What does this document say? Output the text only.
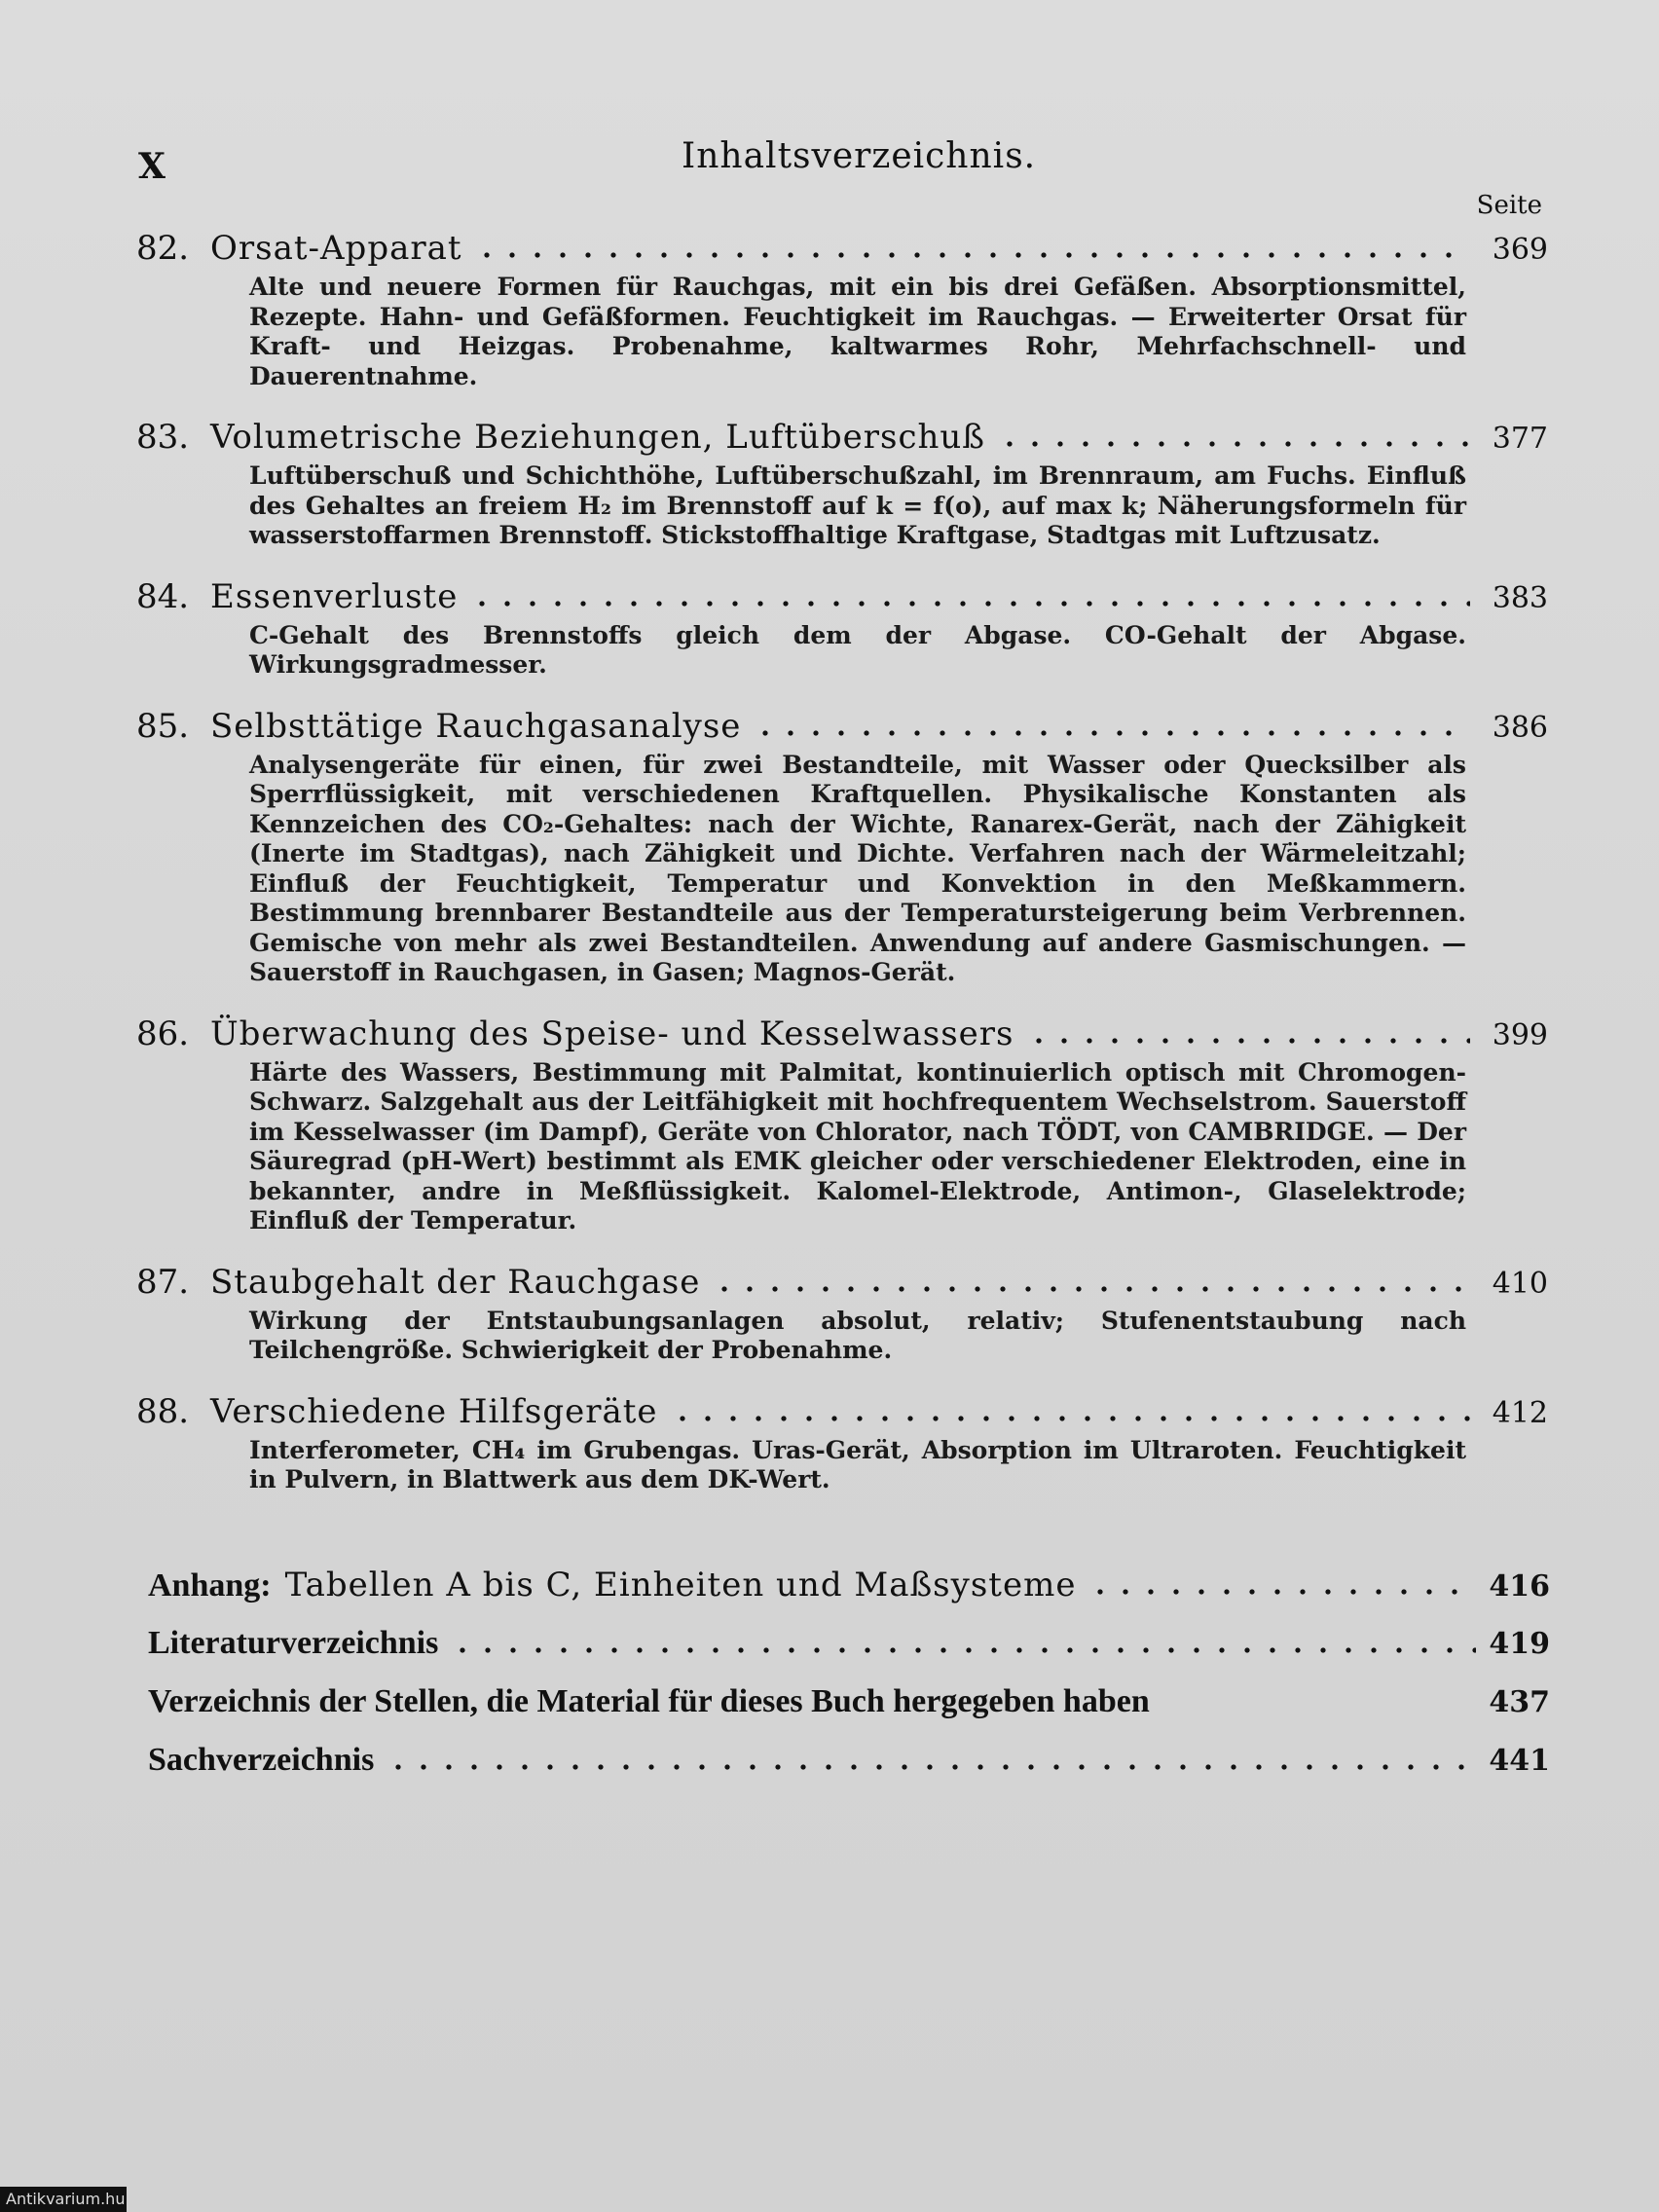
X	Inhaltsverzeichnis.
Seite
82. Orsat-Apparat	369
Alte und neuere Formen für Rauchgas, mit ein bis drei Gefäßen. Absorptionsmittel, Rezepte. Hahn- und Gefäßformen. Feuchtigkeit im Rauchgas. — Erweiterter Orsat für Kraft- und Heizgas. Probenahme, kaltwarmes Rohr, Mehrfachschnell- und Dauerentnahme.
83. Volumetrische Beziehungen, Luftüberschuß	377
Luftüberschuß und Schichthöhe, Luftüberschußzahl, im Brennraum, am Fuchs. Einfluß des Gehaltes an freiem H₂ im Brennstoff auf k = f(o), auf max k; Näherungsformeln für wasserstoffarmen Brennstoff. Stickstoffhaltige Kraftgase, Stadtgas mit Luftzusatz.
84. Essenverluste	383
C-Gehalt des Brennstoffs gleich dem der Abgase. CO-Gehalt der Abgase. Wirkungsgradmesser.
85. Selbsttätige Rauchgasanalyse	386
Analysengeräte für einen, für zwei Bestandteile, mit Wasser oder Quecksilber als Sperrflüssigkeit, mit verschiedenen Kraftquellen. Physikalische Konstanten als Kennzeichen des CO₂-Gehaltes: nach der Wichte, Ranarex-Gerät, nach der Zähigkeit (Inerte im Stadtgas), nach Zähigkeit und Dichte. Verfahren nach der Wärmeleitzahl; Einfluß der Feuchtigkeit, Temperatur und Konvektion in den Meßkammern. Bestimmung brennbarer Bestandteile aus der Temperatursteigerung beim Verbrennen. Gemische von mehr als zwei Bestandteilen. Anwendung auf andere Gasmischungen. — Sauerstoff in Rauchgasen, in Gasen; Magnos-Gerät.
86. Überwachung des Speise- und Kesselwassers	399
Härte des Wassers, Bestimmung mit Palmitat, kontinuierlich optisch mit Chromogen-Schwarz. Salzgehalt aus der Leitfähigkeit mit hochfrequentem Wechselstrom. Sauerstoff im Kesselwasser (im Dampf), Geräte von Chlorator, nach TÖDT, von CAMBRIDGE. — Der Säuregrad (pH-Wert) bestimmt als EMK gleicher oder verschiedener Elektroden, eine in bekannter, andre in Meßflüssigkeit. Kalomel-Elektrode, Antimon-, Glaselektrode; Einfluß der Temperatur.
87. Staubgehalt der Rauchgase	410
Wirkung der Entstaubungsanlagen absolut, relativ; Stufenentstaubung nach Teilchengröße. Schwierigkeit der Probenahme.
88. Verschiedene Hilfsgeräte	412
Interferometer, CH₄ im Grubengas. Uras-Gerät, Absorption im Ultraroten. Feuchtigkeit in Pulvern, in Blattwerk aus dem DK-Wert.
Anhang: Tabellen A bis C, Einheiten und Maßsysteme	416
Literaturverzeichnis	419
Verzeichnis der Stellen, die Material für dieses Buch hergegeben haben	437
Sachverzeichnis	441
Antikvarium.hu
